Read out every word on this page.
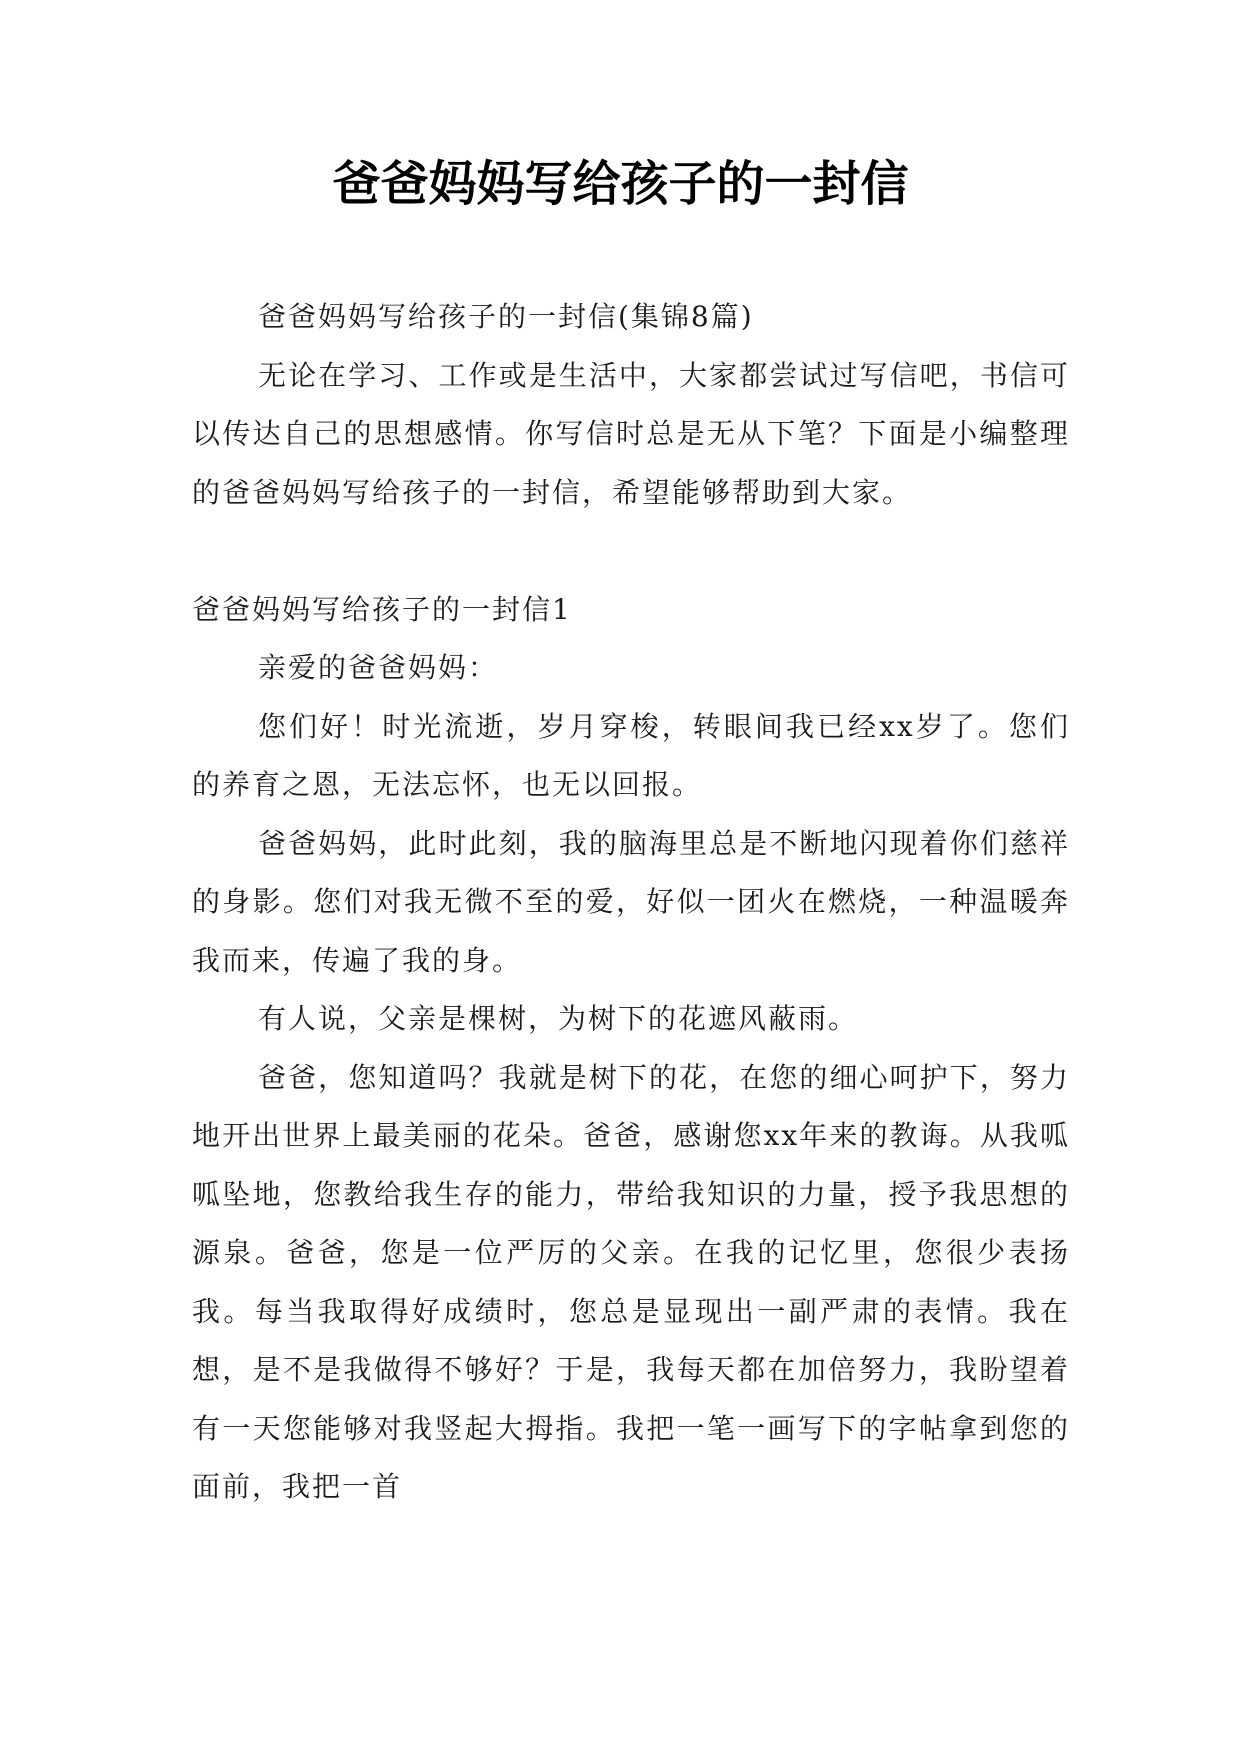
爸爸妈妈写给孩子的一封信

爸爸妈妈写给孩子的一封信(集锦8篇)

无论在学习、工作或是生活中，大家都尝试过写信吧，书信可以传达自己的思想感情。你写信时总是无从下笔？下面是小编整理的爸爸妈妈写给孩子的一封信，希望能够帮助到大家。

爸爸妈妈写给孩子的一封信1

亲爱的爸爸妈妈：

您们好！时光流逝，岁月穿梭，转眼间我已经xx岁了。您们的养育之恩，无法忘怀，也无以回报。

爸爸妈妈，此时此刻，我的脑海里总是不断地闪现着你们慈祥的身影。您们对我无微不至的爱，好似一团火在燃烧，一种温暖奔我而来，传遍了我的身。

有人说，父亲是棵树，为树下的花遮风蔽雨。

爸爸，您知道吗？我就是树下的花，在您的细心呵护下，努力地开出世界上最美丽的花朵。爸爸，感谢您xx年来的教诲。从我呱呱坠地，您教给我生存的能力，带给我知识的力量，授予我思想的源泉。爸爸，您是一位严厉的父亲。在我的记忆里，您很少表扬我。每当我取得好成绩时，您总是显现出一副严肃的表情。我在想，是不是我做得不够好？于是，我每天都在加倍努力，我盼望着有一天您能够对我竖起大拇指。我把一笔一画写下的字帖拿到您的面前，我把一首
